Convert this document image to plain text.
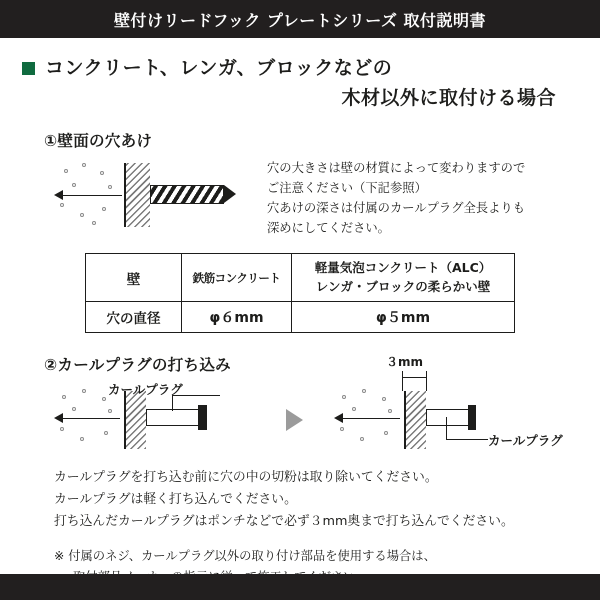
壁付けリードフック プレートシリーズ 取付説明書
コンクリート、レンガ、ブロックなどの
木材以外に取付ける場合
①壁面の穴あけ
穴の大きさは壁の材質によって変わりますので
ご注意ください（下記参照）
穴あけの深さは付属のカールプラグ全長よりも
深めにしてください。
壁	鉄筋コンクリート	軽量気泡コンクリート（ALC）
レンガ・ブロックの柔らかい壁

穴の直径	φ６mm	φ５mm
②カールプラグの打ち込み
カールプラグ
３mm
カールプラグ
カールプラグを打ち込む前に穴の中の切粉は取り除いてください。
カールプラグは軽く打ち込んでください。
打ち込んだカールプラグはポンチなどで必ず３mm奥まで打ち込んでください。
※ 付属のネジ、カールプラグ以外の取り付け部品を使用する場合は、
